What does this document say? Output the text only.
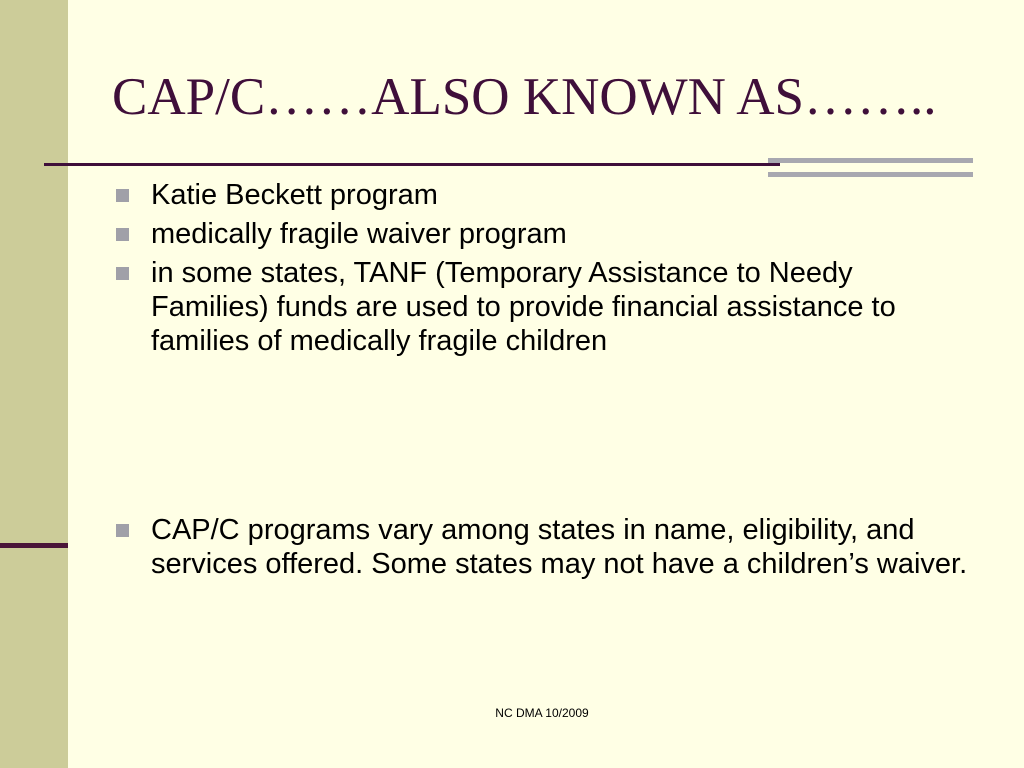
CAP/C……ALSO KNOWN AS……..
Katie Beckett program
medically fragile waiver program
in some states, TANF (Temporary Assistance to Needy Families) funds are used to provide financial assistance to families of medically fragile children
CAP/C programs vary among states in name, eligibility, and services offered. Some states may not have a children’s waiver.
NC DMA 10/2009
